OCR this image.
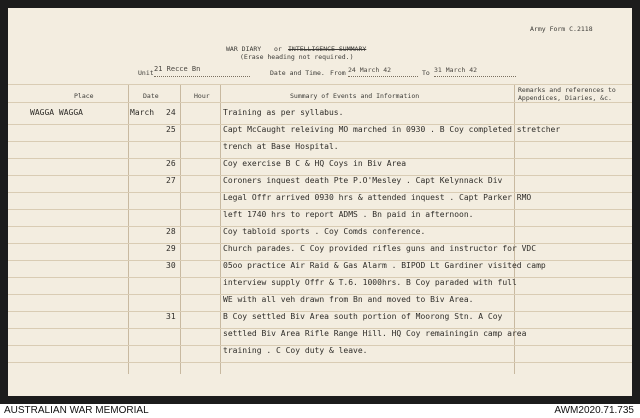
Army Form C.2118
WAR DIARY or INTELLIGENCE SUMMARY
(Erase heading not required.)
Unit 21 Recce Bn	Date and Time. From 24 March 42	To 31 March 42
Place	Date	Hour	Summary of Events and Information
Remarks and references to Appendices, Diaries, &c.
WAGGA WAGGA	March 24	Training as per syllabus.
25	Capt McCaught releiving MO marched in 0930 . B Coy completed stretcher
trench at Base Hospital.
26	Coy exercise B C & HQ Coys in Biv Area
27	Coroners inquest death Pte P.O'Mesley . Capt Kelynnack Div
Legal Offr arrived 0930 hrs & attended inquest . Capt Parker RMO
left 1740 hrs to report ADMS . Bn paid in afternoon.
28	Coy tabloid sports . Coy Comds conference.
29	Church parades. C Coy provided rifles guns and instructor for VDC
30	05oo practice Air Raid & Gas Alarm . BIPOD Lt Gardiner visited camp
interview supply Offr & T.6. 1000hrs. B Coy paraded with full
WE with all veh drawn from Bn and moved to Biv Area.
31	B Coy settled Biv Area south portion of Moorong Stn. A Coy
settled Biv Area Rifle Range Hill. HQ Coy remainingin camp area
training . C Coy duty & leave.
AUSTRALIAN WAR MEMORIAL	AWM2020.71.735
